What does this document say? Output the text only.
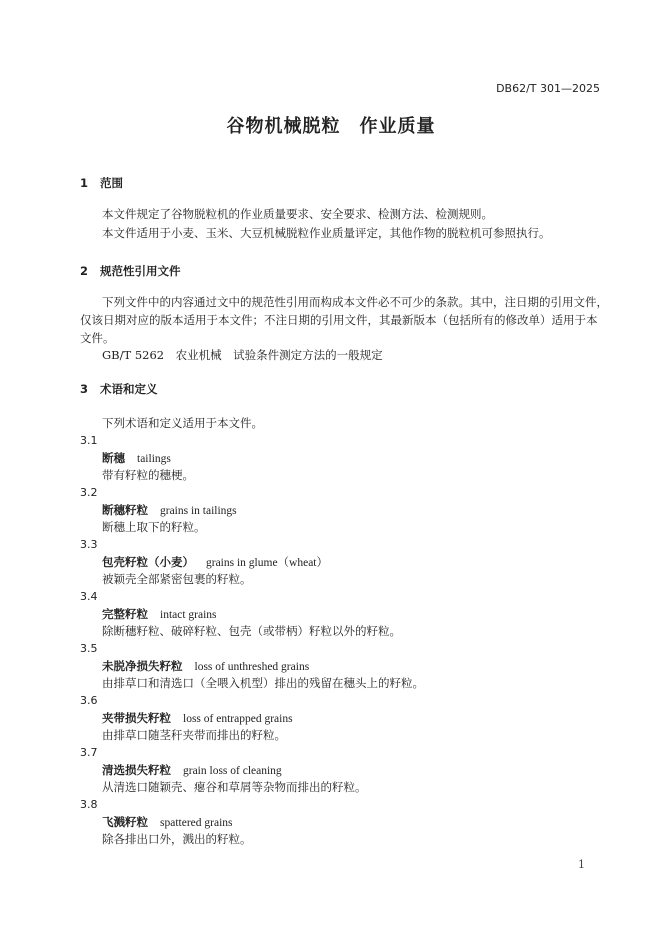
DB62/T 301—2025
谷物机械脱粒　作业质量
1 范围
本文件规定了谷物脱粒机的作业质量要求、安全要求、检测方法、检测规则。
本文件适用于小麦、玉米、大豆机械脱粒作业质量评定，其他作物的脱粒机可参照执行。
2 规范性引用文件
下列文件中的内容通过文中的规范性引用而构成本文件必不可少的条款。其中，注日期的引用文件，
仅该日期对应的版本适用于本文件；不注日期的引用文件，其最新版本（包括所有的修改单）适用于本
文件。
GB/T 5262　农业机械　试验条件测定方法的一般规定
3 术语和定义
下列术语和定义适用于本文件。
3.1
断穗 tailings
带有籽粒的穗梗。
3.2
断穗籽粒 grains in tailings
断穗上取下的籽粒。
3.3
包壳籽粒（小麦） grains in glume（wheat）
被颖壳全部紧密包裹的籽粒。
3.4
完整籽粒 intact grains
除断穗籽粒、破碎籽粒、包壳（或带柄）籽粒以外的籽粒。
3.5
未脱净损失籽粒 loss of unthreshed grains
由排草口和清选口（全喂入机型）排出的残留在穗头上的籽粒。
3.6
夹带损失籽粒 loss of entrapped grains
由排草口随茎秆夹带而排出的籽粒。
3.7
清选损失籽粒 grain loss of cleaning
从清选口随颖壳、瘪谷和草屑等杂物而排出的籽粒。
3.8
飞溅籽粒 spattered grains
除各排出口外，溅出的籽粒。
1
